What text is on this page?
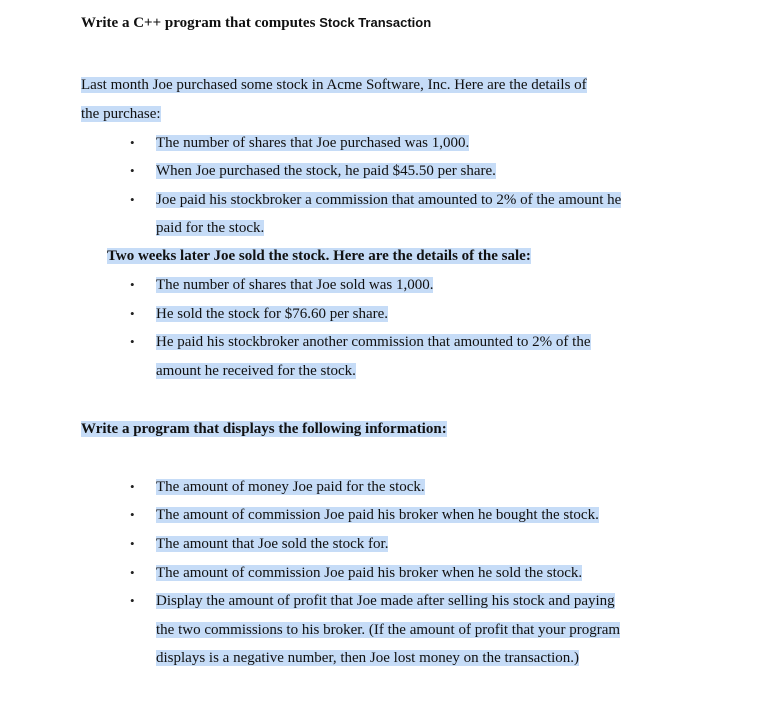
Write a C++ program that computes Stock Transaction
Last month Joe purchased some stock in Acme Software, Inc. Here are the details of
the purchase:
• The number of shares that Joe purchased was 1,000.
• When Joe purchased the stock, he paid $45.50 per share.
• Joe paid his stockbroker a commission that amounted to 2% of the amount he
paid for the stock.
Two weeks later Joe sold the stock. Here are the details of the sale:
• The number of shares that Joe sold was 1,000.
• He sold the stock for $76.60 per share.
• He paid his stockbroker another commission that amounted to 2% of the
amount he received for the stock.
Write a program that displays the following information:
• The amount of money Joe paid for the stock.
• The amount of commission Joe paid his broker when he bought the stock.
• The amount that Joe sold the stock for.
• The amount of commission Joe paid his broker when he sold the stock.
• Display the amount of profit that Joe made after selling his stock and paying
the two commissions to his broker. (If the amount of profit that your program
displays is a negative number, then Joe lost money on the transaction.)
